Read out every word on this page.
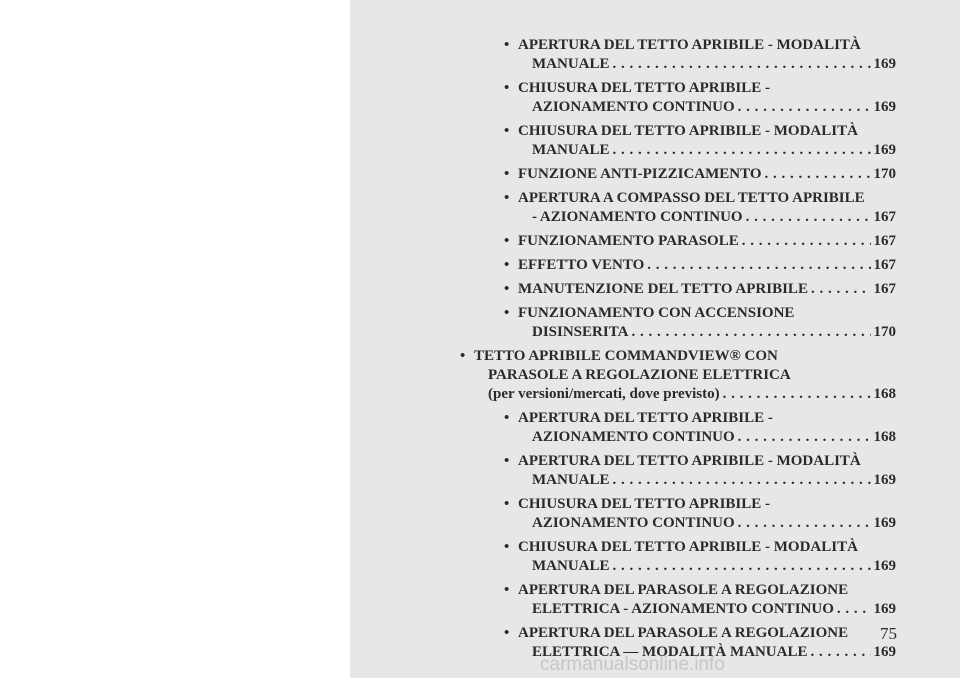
• APERTURA DEL TETTO APRIBILE - MODALITÀ
MANUALE . . .	169
• CHIUSURA DEL TETTO APRIBILE -
AZIONAMENTO CONTINUO . . .	169
• CHIUSURA DEL TETTO APRIBILE - MODALITÀ
MANUALE . . .	169
• FUNZIONE ANTI-PIZZICAMENTO . . .	170
• APERTURA A COMPASSO DEL TETTO APRIBILE
- AZIONAMENTO CONTINUO . . .	167
• FUNZIONAMENTO PARASOLE . . .	167
• EFFETTO VENTO . . .	167
• MANUTENZIONE DEL TETTO APRIBILE . . .	167
• FUNZIONAMENTO CON ACCENSIONE
DISINSERITA . . .	170
• TETTO APRIBILE COMMANDVIEW® CON
PARASOLE A REGOLAZIONE ELETTRICA
(per versioni/mercati, dove previsto) . . .	168
• APERTURA DEL TETTO APRIBILE -
AZIONAMENTO CONTINUO . . .	168
• APERTURA DEL TETTO APRIBILE - MODALITÀ
MANUALE . . .	169
• CHIUSURA DEL TETTO APRIBILE -
AZIONAMENTO CONTINUO . . .	169
• CHIUSURA DEL TETTO APRIBILE - MODALITÀ
MANUALE . . .	169
• APERTURA DEL PARASOLE A REGOLAZIONE
ELETTRICA - AZIONAMENTO CONTINUO . . .	169
• APERTURA DEL PARASOLE A REGOLAZIONE
ELETTRICA — MODALITÀ MANUALE . . .	169
75
carmanualsonline.info
